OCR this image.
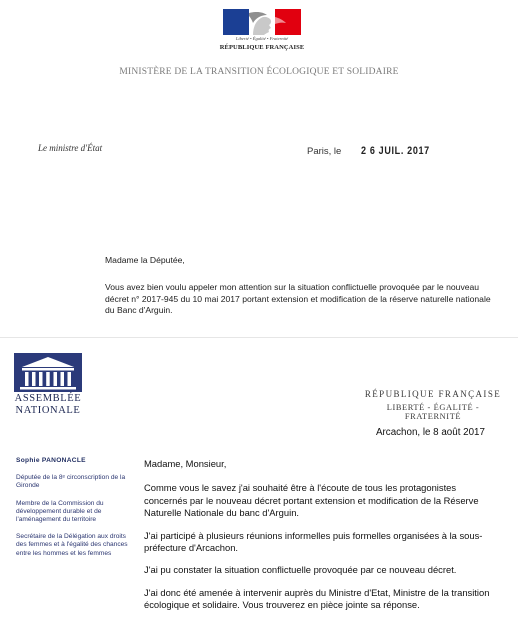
Liberté • Égalité • Fraternité
RÉPUBLIQUE FRANÇAISE
MINISTÈRE DE LA TRANSITION ÉCOLOGIQUE ET SOLIDAIRE
Le ministre d'État	Paris, le 2 6 JUIL. 2017
Madame la Députée,
Vous avez bien voulu appeler mon attention sur la situation conflictuelle provoquée par le nouveau décret n° 2017-945 du 10 mai 2017 portant extension et modification de la réserve naturelle nationale du Banc d'Arguin.
ASSEMBLÉE
NATIONALE
RÉPUBLIQUE FRANÇAISE
LIBERTÉ - ÉGALITÉ - FRATERNITÉ
Arcachon, le 8 août 2017
Sophie PANONACLE
Députée de la 8ᵉ circonscription de la Gironde
Membre de la Commission du développement durable et de l'aménagement du territoire
Secrétaire de la Délégation aux droits des femmes et à l'égalité des chances entre les hommes et les femmes

Madame, Monsieur,

Comme vous le savez j'ai souhaité être à l'écoute de tous les protagonistes concernés par le nouveau décret portant extension et modification de la Réserve Naturelle Nationale du banc d'Arguin.

J'ai participé à plusieurs réunions informelles puis formelles organisées à la sous-préfecture d'Arcachon.

J'ai pu constater la situation conflictuelle provoquée par ce nouveau décret.

J'ai donc été amenée à intervenir auprès du Ministre d'Etat, Ministre de la transition écologique et solidaire. Vous trouverez en pièce jointe sa réponse.
